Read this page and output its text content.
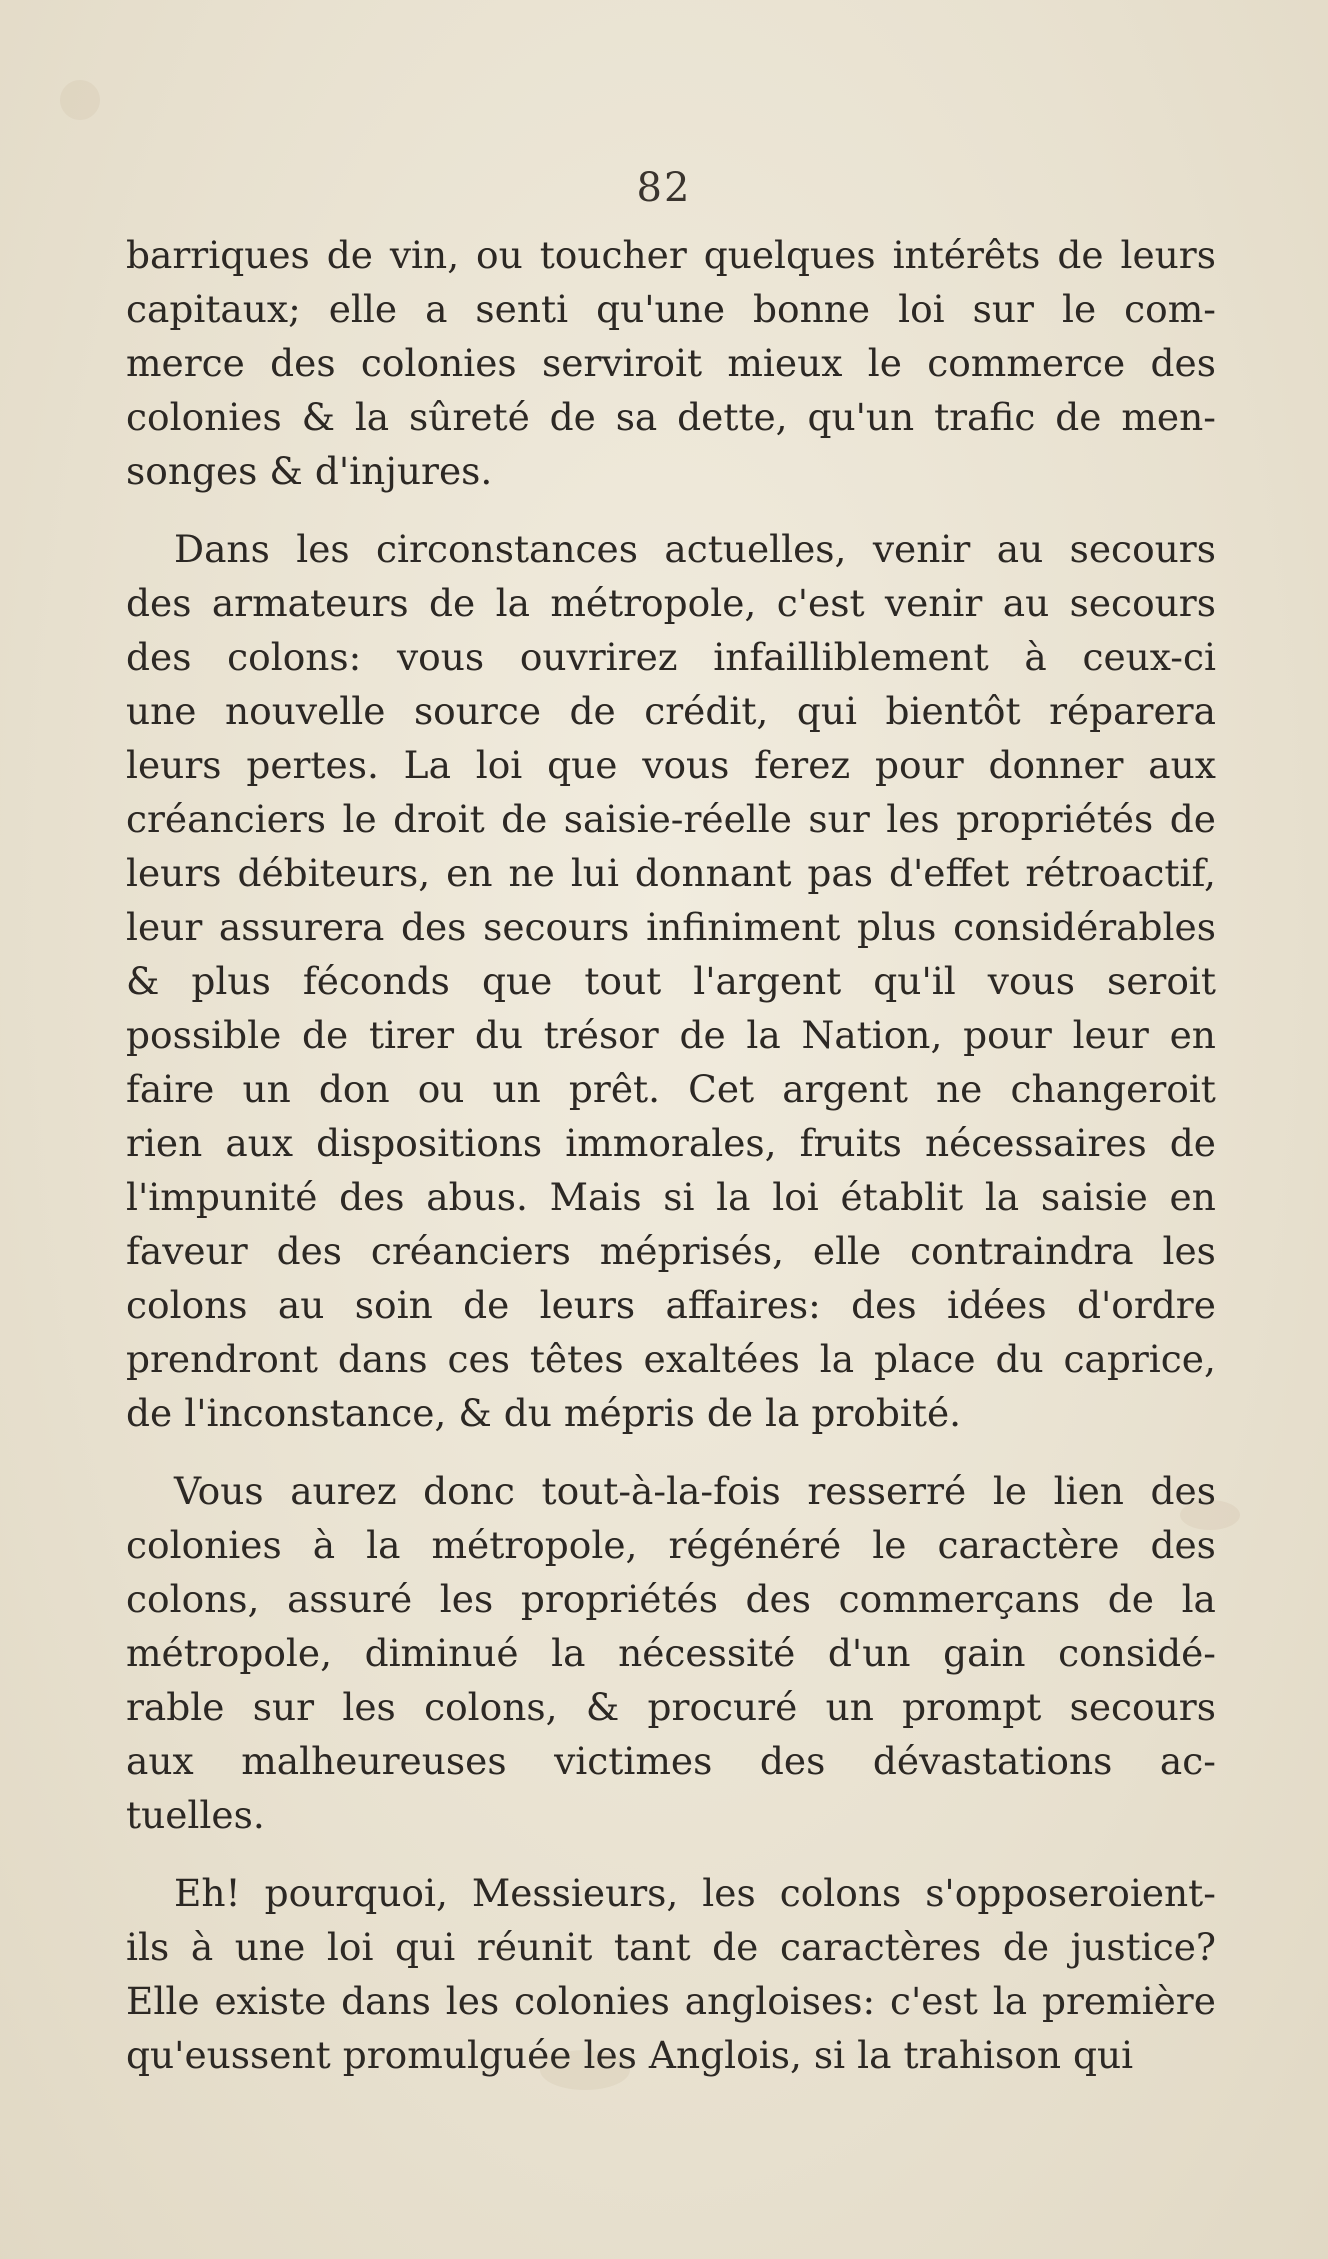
82
barriques de vin, ou toucher quelques intérêts de leurs
capitaux; elle a senti qu'une bonne loi sur le com-
merce des colonies serviroit mieux le commerce des
colonies & la sûreté de sa dette, qu'un trafic de men-
songes & d'injures.
Dans les circonstances actuelles, venir au secours
des armateurs de la métropole, c'est venir au secours
des colons: vous ouvrirez infailliblement à ceux-ci
une nouvelle source de crédit, qui bientôt réparera
leurs pertes. La loi que vous ferez pour donner aux
créanciers le droit de saisie-réelle sur les propriétés de
leurs débiteurs, en ne lui donnant pas d'effet rétroactif,
leur assurera des secours infiniment plus considérables
& plus féconds que tout l'argent qu'il vous seroit
possible de tirer du trésor de la Nation, pour leur en
faire un don ou un prêt. Cet argent ne changeroit
rien aux dispositions immorales, fruits nécessaires de
l'impunité des abus. Mais si la loi établit la saisie en
faveur des créanciers méprisés, elle contraindra les
colons au soin de leurs affaires: des idées d'ordre
prendront dans ces têtes exaltées la place du caprice,
de l'inconstance, & du mépris de la probité.
Vous aurez donc tout-à-la-fois resserré le lien des
colonies à la métropole, régénéré le caractère des
colons, assuré les propriétés des commerçans de la
métropole, diminué la nécessité d'un gain considé-
rable sur les colons, & procuré un prompt secours
aux malheureuses victimes des dévastations ac-
tuelles.
Eh! pourquoi, Messieurs, les colons s'opposeroient-
ils à une loi qui réunit tant de caractères de justice?
Elle existe dans les colonies angloises: c'est la première
qu'eussent promulguée les Anglois, si la trahison qui
